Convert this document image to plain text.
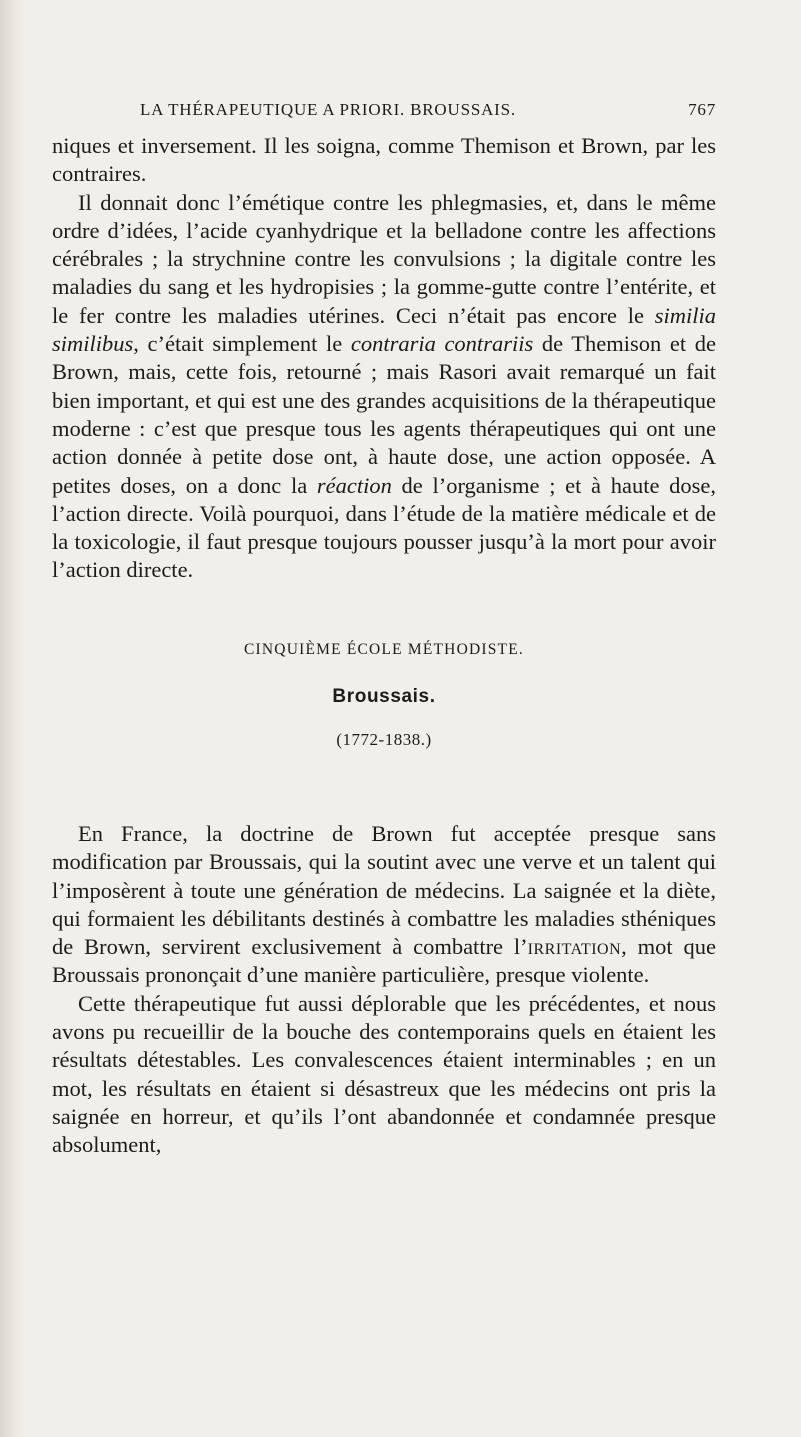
LA THÉRAPEUTIQUE A PRIORI. BROUSSAIS.	767

niques et inversement. Il les soigna, comme Themison et Brown, par les contraires.

Il donnait donc l’émétique contre les phlegmasies, et, dans le même ordre d’idées, l’acide cyanhydrique et la belladone contre les affections cérébrales ; la strychnine contre les convulsions ; la digitale contre les maladies du sang et les hydropisies ; la gomme-gutte contre l’entérite, et le fer contre les maladies utérines. Ceci n’était pas encore le similia similibus, c’était simplement le contraria contrariis de Themison et de Brown, mais, cette fois, retourné ; mais Rasori avait remarqué un fait bien important, et qui est une des grandes acquisitions de la thérapeutique moderne : c’est que presque tous les agents thérapeutiques qui ont une action donnée à petite dose ont, à haute dose, une action opposée. A petites doses, on a donc la réaction de l’organisme ; et à haute dose, l’action directe. Voilà pourquoi, dans l’étude de la matière médicale et de la toxicologie, il faut presque toujours pousser jusqu’à la mort pour avoir l’action directe.

CINQUIÈME ÉCOLE MÉTHODISTE.
Broussais.
(1772-1838.)

En France, la doctrine de Brown fut acceptée presque sans modification par Broussais, qui la soutint avec une verve et un talent qui l’imposèrent à toute une génération de médecins. La saignée et la diète, qui formaient les débilitants destinés à combattre les maladies sthéniques de Brown, servirent exclusivement à combattre l’irritation, mot que Broussais prononçait d’une manière particulière, presque violente.

Cette thérapeutique fut aussi déplorable que les précédentes, et nous avons pu recueillir de la bouche des contemporains quels en étaient les résultats détestables. Les convalescences étaient interminables ; en un mot, les résultats en étaient si désastreux que les médecins ont pris la saignée en horreur, et qu’ils l’ont abandonnée et condamnée presque absolument,
